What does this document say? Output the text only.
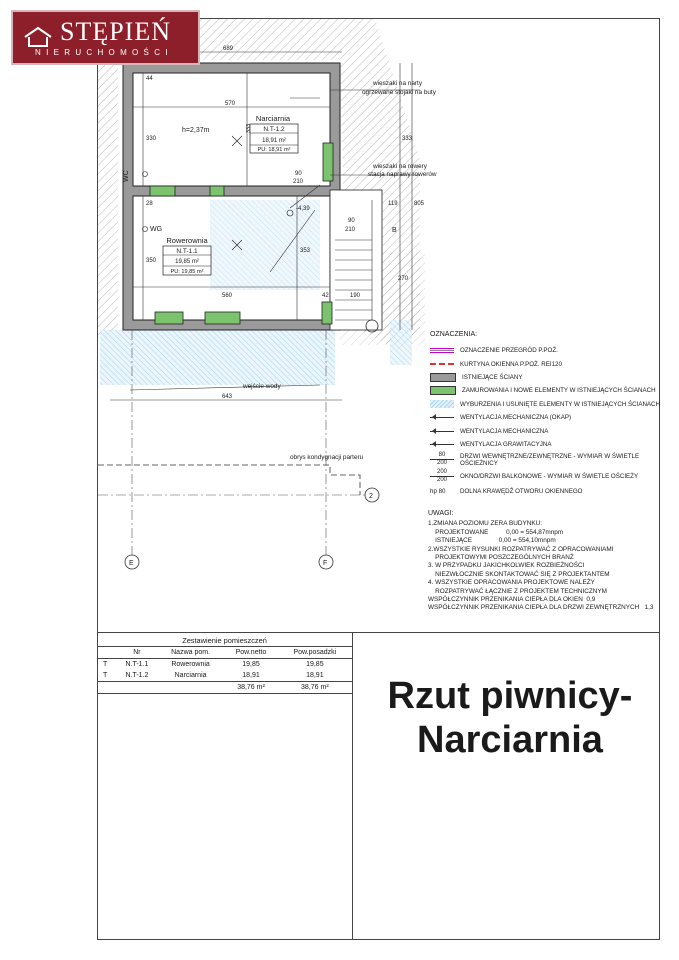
Narciarnia
N.T-1.2
18,91 m²
PU: 18,91 m²
Rowerownia
N.T-1.1
19,85 m²
PU: 19,85 m²
689
570
560
643
44
330
28
350
333
353
90
210
90
210
42	190
119
333
805
270
-4,39
h=2,37m
wieszaki na narty
ogrzewane stojaki na buty
wieszaki na rowery
stacja naprawy rowerów
wejście wody
obrys kondygnacji parteru
WC
WG
E	F
2
B
STĘPIEŃ
NIERUCHOMOŚCI
OZNACZENIA:
OZNACZENIE PRZEGRÓD P.POŻ.
KURTYNA OKIENNA P.POŻ. REI120
ISTNIEJĄCE ŚCIANY
ZAMUROWANIA I NOWE ELEMENTY W ISTNIEJĄCYCH ŚCIANACH
WYBURZENIA I USUNIĘTE ELEMENTY W ISTNIEJĄCYCH ŚCIANACH
WENTYLACJA MECHANICZNA (OKAP)
WENTYLACJA MECHANICZNA
WENTYLACJA GRAWITACYJNA
$\frac{80}{200}$ DRZWI WEWNĘTRZNE/ZEWNĘTRZNE - WYMIAR W ŚWIETLE OŚCIEŻNICY
$\frac{200}{200}$ OKNO/DRZWI BALKONOWE - WYMIAR W ŚWIETLE OŚCIEŻY
hp 80	DOLNA KRAWĘDŹ OTWORU OKIENNEGO
UWAGI:
1.ZMIANA POZIOMU ZERA BUDYNKU:
PROJEKTOWANE          0,00 = 554,87mnpm
ISTNIEJĄCE               0,00 = 554,10mnpm
2.WSZYSTKIE RYSUNKI ROZPATRYWAĆ Z OPRACOWANIAMI
PROJEKTOWYMI POSZCZEGÓLNYCH BRANŻ
3. W PRZYPADKU JAKICHKOLWIEK ROZBIEŻNOŚCI
NIEZWŁOCZNIE SKONTAKTOWAĆ SIĘ Z PROJEKTANTEM
4. WSZYSTKIE OPRACOWANIA PROJEKTOWE NALEŻY
ROZPATRYWAĆ ŁĄCZNIE Z PROJEKTEM TECHNICZNYM
WSPÓŁCZYNNIK PRZENIKANIA CIEPŁA DLA OKIEN  0,9
WSPÓŁCZYNNIK PRZENIKANIA CIEPŁA DLA DRZWI ZEWNĘTRZNYCH   1,3
Zestawienie pomieszczeń
	Nr	Nazwa pom.	Pow.netto	Pow.posadzki
T	N.T-1.1	Rowerownia	19,85	19,85
T	N.T-1.2	Narciarnia	18,91	18,91
			38,76 m²	38,76 m²	Rzut piwnicy-
Narciarnia
